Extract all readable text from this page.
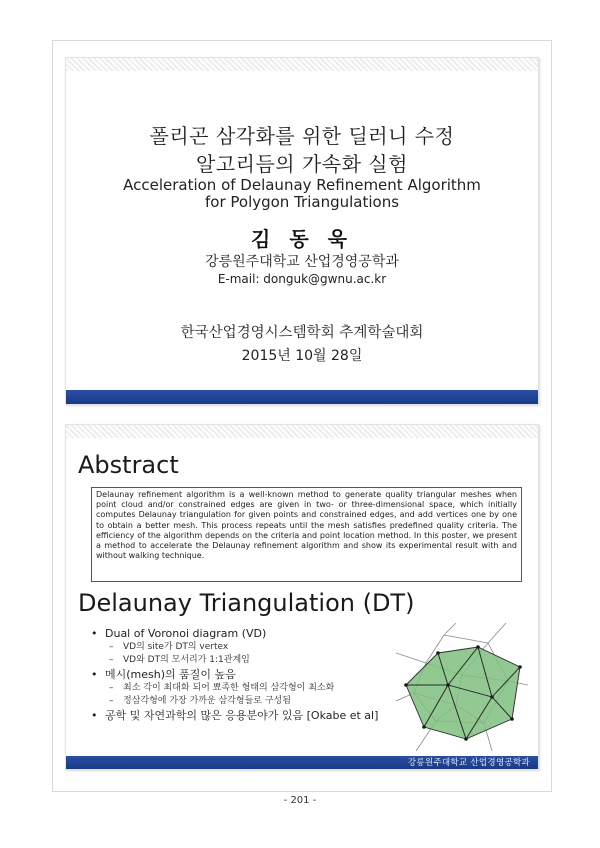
폴리곤 삼각화를 위한 딜러니 수정
알고리듬의 가속화 실험
Acceleration of Delaunay Refinement Algorithm
for Polygon Triangulations
김 동 욱
강릉원주대학교 산업경영공학과
E-mail: donguk@gwnu.ac.kr
한국산업경영시스템학회 추계학술대회
2015년 10월 28일
Abstract
Delaunay refinement algorithm is a well-known method to generate quality triangular meshes when point cloud and/or constrained edges are given in two- or three-dimensional space, which initially computes Delaunay triangulation for given points and constrained edges, and add vertices one by one to obtain a better mesh. This process repeats until the mesh satisfies predefined quality criteria. The efficiency of the algorithm depends on the criteria and point location method. In this poster, we present a method to accelerate the Delaunay refinement algorithm and show its experimental result with and without walking technique.
Delaunay Triangulation (DT)
• Dual of Voronoi diagram (VD)
– VD의 site가 DT의 vertex
– VD와 DT의 모서리가 1:1관계임
• 메시(mesh)의 품질이 높음
– 최소 각이 최대화 되어 뾰족한 형태의 삼각형이 최소화
– 정삼각형에 가장 가까운 삼각형들로 구성됨
• 공학 및 자연과학의 많은 응용분야가 있음 [Okabe et al]
강릉원주대학교 산업경영공학과
- 201 -
